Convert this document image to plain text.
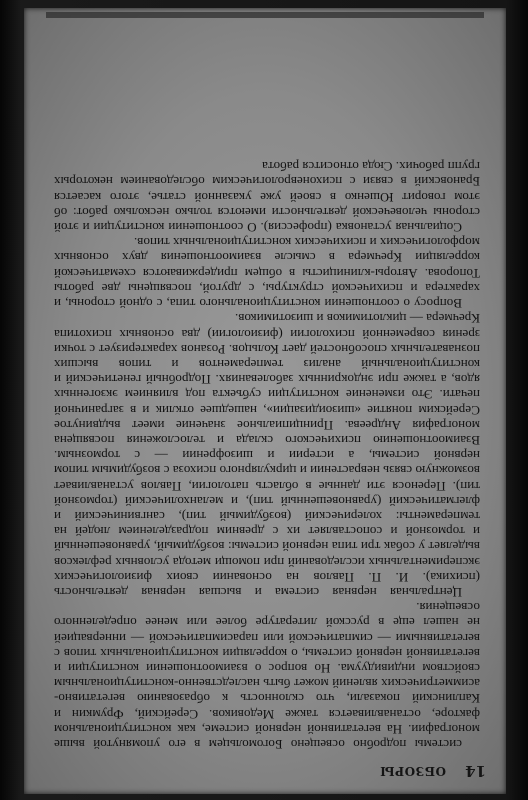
14
ОБЗОРЫ

системы подробно освещено Богомольцем в его упомянутой выше монографии. На вегетативной нервной системе, как конституциональном факторе, останавливается также Медовиков. Серейский, Фрумкин и Каплинский показали, что склонность к образованию вегетативно-асимметрических явлений может быть наследственно-конституциональным свойством индивидуума. Но вопрос о взаимоотношении конституции и вегетативной нервной системы, о корреляции конституциональных типов с вегетативными — симпатической или парасимпатической — иннервацией не нашел еще в русской литературе более или менее определенного освещения.

Центральная нервная система и высшая нервная деятельность (психика). И. П. Павлов на основании своих физиологических экспериментальных исследований при помощи метода условных рефлексов выделяет у собак три типа нервной системы: возбудимый, уравновешенный и тормозной и сопоставляет их с древним подразделением людей на темпераменты: холерический (возбудимый тип), сангвинический и флегматический (уравновешенный тип), и меланхолический (тормозной тип). Перенося эти данные в область патологии, Павлов устанавливает возможную связь неврастении и циркулярного психоза с возбудимым типом нервной системы, а истерии и шизофрении — с тормозным. Взаимоотношению психического склада и телосложения посвящена монография Андреева. Принципиальное значение имеет выдвинутое Серейским понятие «шизоидизации», нашедшее отклик и в заграничной печати. Это изменение конституции субъекта под влиянием экзогенных ядов, а также при эндокринных заболеваниях. Подробный генетический и конституциональный анализ темпераментов и типов высших познавательных способностей дает Кольцов. Розанов характеризует с точки зрения современной психологии (физиологии) два основных психотипа Кречмера — циклотимиков и шизотимиков.

Вопросу о соотношении конституционального типа, с одной стороны, и характера и психической структуры, с другой, посвящены две работы Топорова. Авторы-клиницисты в общем придерживаются схематической корреляции Кречмера в смысле взаимоотношения двух основных морфологических и психических конституциональных типов.

Социальная установка (профессия). О соотношении конституции и этой стороны человеческой деятельности имеются только несколько работ: об этом говорит Юшенко в своей уже указанной статье, этого касается Брановский в связи с психоневрологическим обследованием некоторых групп рабочих. Сюда относится работа
